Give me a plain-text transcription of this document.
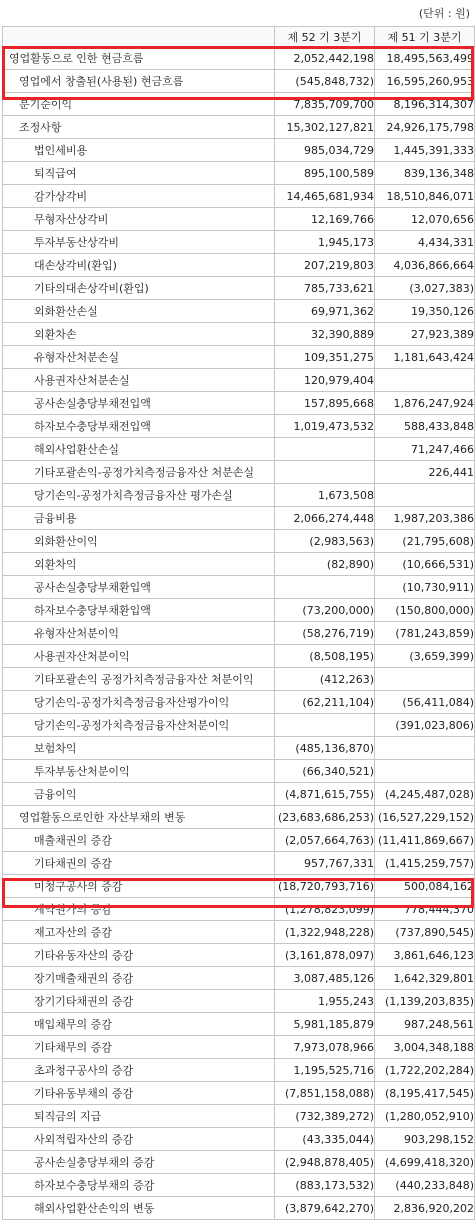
(단위 : 원)
	제 52 기 3분기	제 51 기 3분기
영업활동으로 인한 현금흐름	2,052,442,198	18,495,563,499
영업에서 창출된(사용된) 현금흐름	(545,848,732)	16,595,260,953
분기순이익	7,835,709,700	8,196,314,307
조정사항	15,302,127,821	24,926,175,798
법인세비용	985,034,729	1,445,391,333
퇴직급여	895,100,589	839,136,348
감가상각비	14,465,681,934	18,510,846,071
무형자산상각비	12,169,766	12,070,656
투자부동산상각비	1,945,173	4,434,331
대손상각비(환입)	207,219,803	4,036,866,664
기타의대손상각비(환입)	785,733,621	(3,027,383)
외화환산손실	69,971,362	19,350,126
외환차손	32,390,889	27,923,389
유형자산처분손실	109,351,275	1,181,643,424
사용권자산처분손실	120,979,404	
공사손실충당부채전입액	157,895,668	1,876,247,924
하자보수충당부채전입액	1,019,473,532	588,433,848
해외사업환산손실		71,247,466
기타포괄손익-공정가치측정금융자산 처분손실		226,441
당기손익-공정가치측정금융자산 평가손실	1,673,508	
금융비용	2,066,274,448	1,987,203,386
외화환산이익	(2,983,563)	(21,795,608)
외환차익	(82,890)	(10,666,531)
공사손실충당부채환입액		(10,730,911)
하자보수충당부채환입액	(73,200,000)	(150,800,000)
유형자산처분이익	(58,276,719)	(781,243,859)
사용권자산처분이익	(8,508,195)	(3,659,399)
기타포괄손익 공정가치측정금융자산 처분이익	(412,263)	
당기손익-공정가치측정금융자산평가이익	(62,211,104)	(56,411,084)
당기손익-공정가치측정금융자산처분이익		(391,023,806)
보험차익	(485,136,870)	
투자부동산처분이익	(66,340,521)	
금융이익	(4,871,615,755)	(4,245,487,028)
영업활동으로인한 자산부채의 변동	(23,683,686,253)	(16,527,229,152)
매출채권의 증감	(2,057,664,763)	(11,411,869,667)
기타채권의 증감	957,767,331	(1,415,259,757)
미청구공사의 증감	(18,720,793,716)	500,084,162
계약원가의 증감	(1,278,823,099)	778,444,370
재고자산의 증감	(1,322,948,228)	(737,890,545)
기타유동자산의 증감	(3,161,878,097)	3,861,646,123
장기매출채권의 증감	3,087,485,126	1,642,329,801
장기기타채권의 증감	1,955,243	(1,139,203,835)
매입채무의 증감	5,981,185,879	987,248,561
기타채무의 증감	7,973,078,966	3,004,348,188
초과청구공사의 증감	1,195,525,716	(1,722,202,284)
기타유동부채의 증감	(7,851,158,088)	(8,195,417,545)
퇴직금의 지급	(732,389,272)	(1,280,052,910)
사외적립자산의 증감	(43,335,044)	903,298,152
공사손실충당부채의 증감	(2,948,878,405)	(4,699,418,320)
하자보수충당부채의 증감	(883,173,532)	(440,233,848)
해외사업환산손익의 변동	(3,879,642,270)	2,836,920,202
